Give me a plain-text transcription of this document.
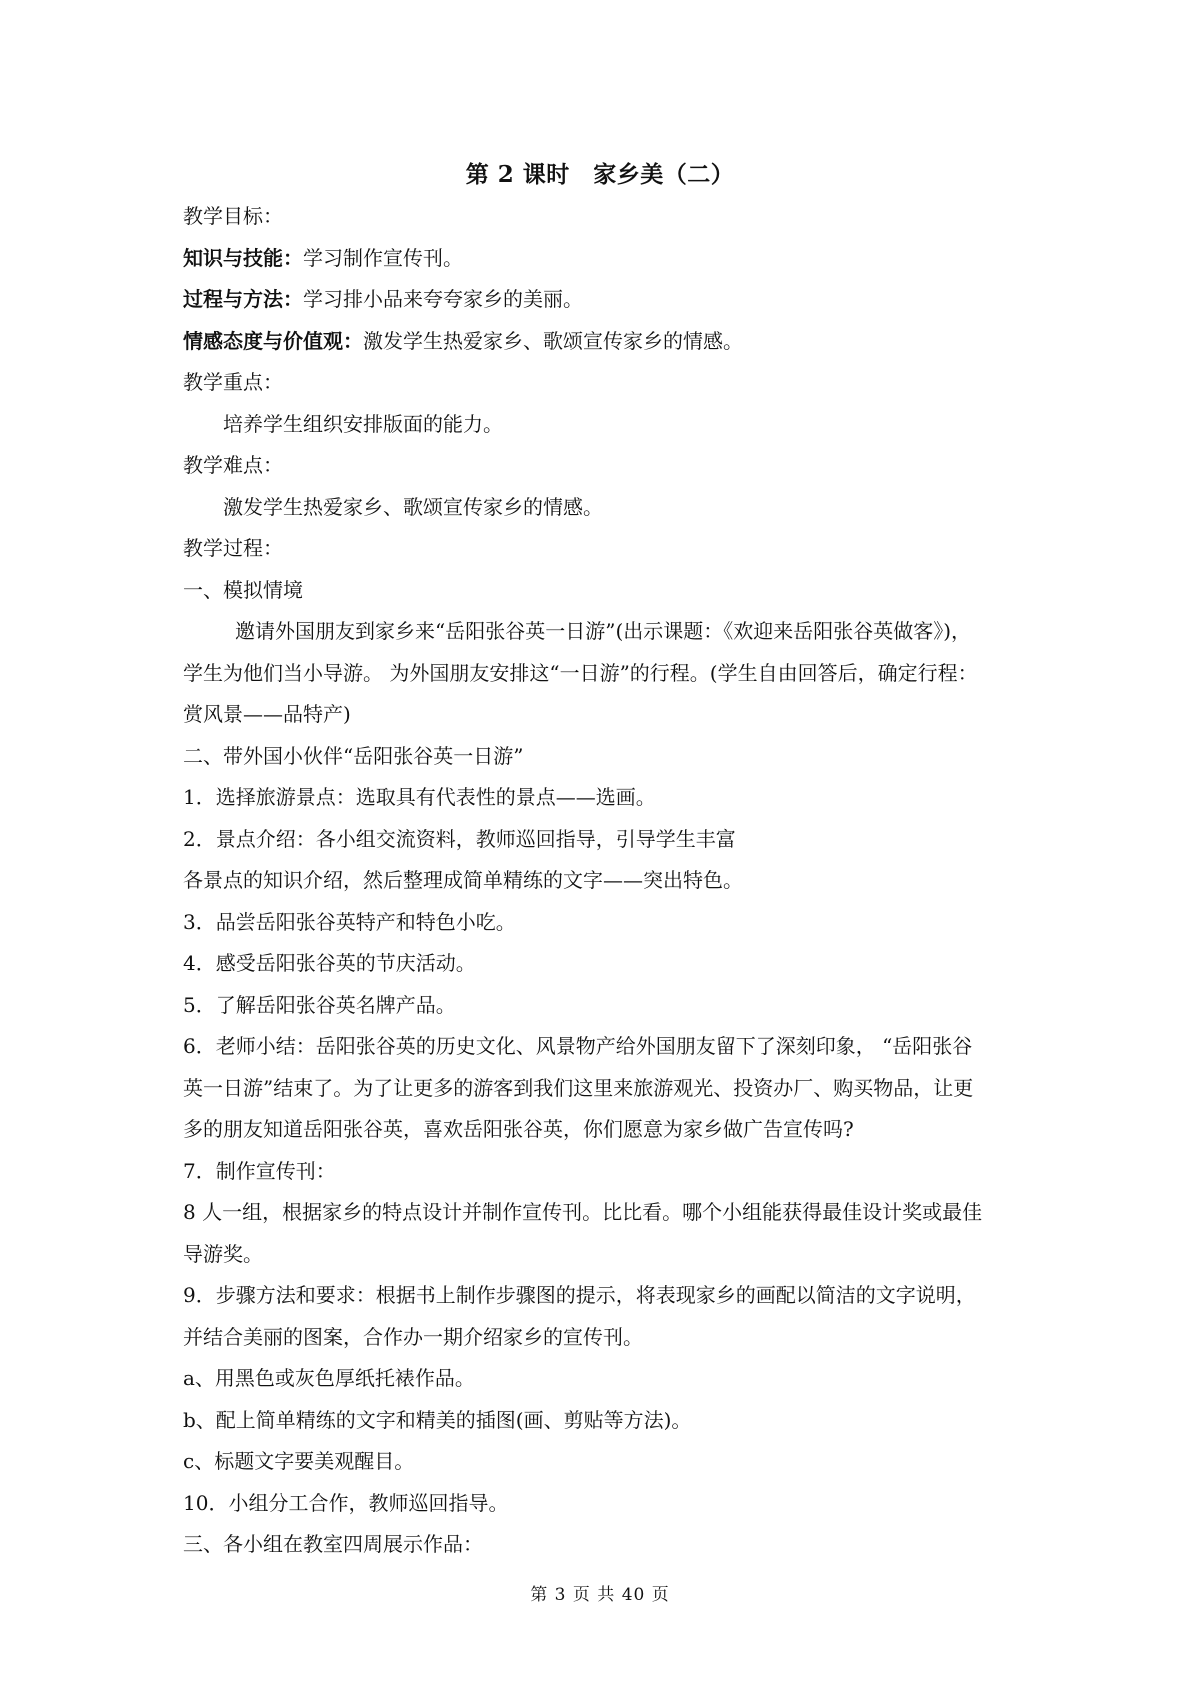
第 2 课时　家乡美（二）
教学目标：
知识与技能：学习制作宣传刊。
过程与方法：学习排小品来夸夸家乡的美丽。
情感态度与价值观：激发学生热爱家乡、歌颂宣传家乡的情感。
教学重点：
培养学生组织安排版面的能力。
教学难点：
激发学生热爱家乡、歌颂宣传家乡的情感。
教学过程：
一、模拟情境
邀请外国朋友到家乡来“岳阳张谷英一日游”(出示课题：《欢迎来岳阳张谷英做客》)，
学生为他们当小导游。 为外国朋友安排这“一日游”的行程。(学生自由回答后，确定行程：
赏风景——品特产)
二、带外国小伙伴“岳阳张谷英一日游”
1．选择旅游景点：选取具有代表性的景点——选画。
2．景点介绍：各小组交流资料，教师巡回指导，引导学生丰富
各景点的知识介绍，然后整理成简单精练的文字——突出特色。
3．品尝岳阳张谷英特产和特色小吃。
4．感受岳阳张谷英的节庆活动。
5．了解岳阳张谷英名牌产品。
6．老师小结：岳阳张谷英的历史文化、风景物产给外国朋友留下了深刻印象， “岳阳张谷
英一日游”结束了。为了让更多的游客到我们这里来旅游观光、投资办厂、购买物品，让更
多的朋友知道岳阳张谷英，喜欢岳阳张谷英，你们愿意为家乡做广告宣传吗?
7．制作宣传刊：
8 人一组，根据家乡的特点设计并制作宣传刊。比比看。哪个小组能获得最佳设计奖或最佳
导游奖。
9．步骤方法和要求：根据书上制作步骤图的提示，将表现家乡的画配以简洁的文字说明，
并结合美丽的图案，合作办一期介绍家乡的宣传刊。
a、用黑色或灰色厚纸托裱作品。
b、配上简单精练的文字和精美的插图(画、剪贴等方法)。
c、标题文字要美观醒目。
10．小组分工合作，教师巡回指导。
三、各小组在教室四周展示作品：
第 3 页 共 40 页
